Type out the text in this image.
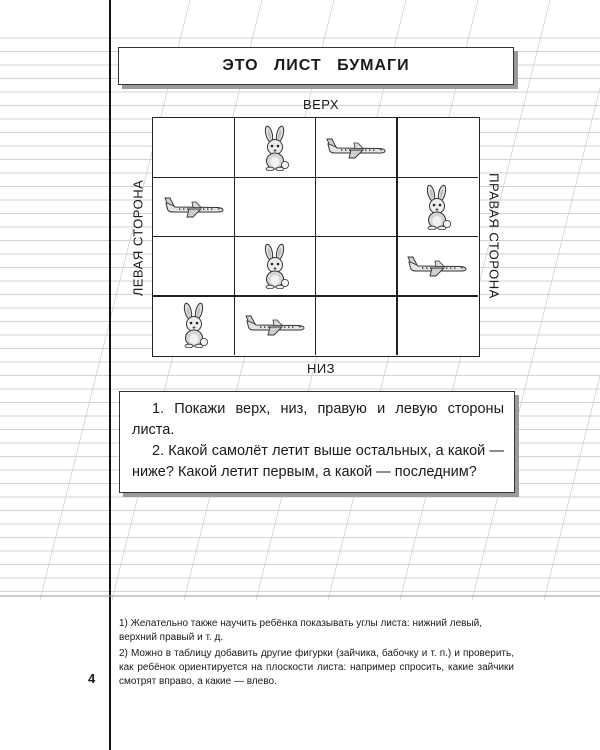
ЭТО ЛИСТ БУМАГИ
ВЕРХ
ЛЕВАЯ СТОРОНА	ПРАВАЯ СТОРОНА
НИЗ

1. Покажи верх, низ, правую и левую стороны листа.

2. Какой самолёт летит выше остальных, а какой — ниже? Какой летит первым, а какой — последним?

1) Желательно также научить ребёнка показывать углы листа: нижний левый, верхний правый и т. д.

2) Можно в таблицу добавить другие фигурки (зайчика, бабочку и т. п.) и проверить, как ребёнок ориентируется на плоскости листа: например спросить, какие зайчики смотрят вправо, а какие — влево.

4
